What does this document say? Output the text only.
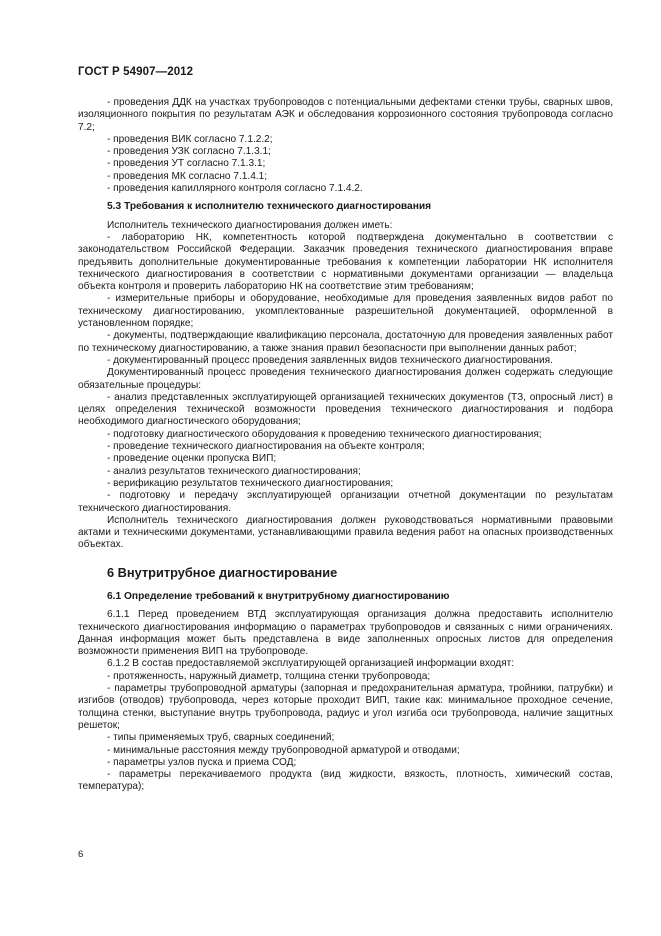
ГОСТ Р 54907—2012

- проведения ДДК на участках трубопроводов с потенциальными дефектами стенки трубы, сварных швов, изоляционного покрытия по результатам АЭК и обследования коррозионного состояния трубопровода согласно 7.2;

- проведения ВИК согласно 7.1.2.2;

- проведения УЗК согласно 7.1.3.1;

- проведения УТ согласно 7.1.3.1;

- проведения МК согласно 7.1.4.1;

- проведения капиллярного контроля согласно 7.1.4.2.

5.3 Требования к исполнителю технического диагностирования

Исполнитель технического диагностирования должен иметь:

- лабораторию НК, компетентность которой подтверждена документально в соответствии с законодательством Российской Федерации. Заказчик проведения технического диагностирования вправе предъявить дополнительные документированные требования к компетенции лаборатории НК исполнителя технического диагностирования в соответствии с нормативными документами организации — владельца объекта контроля и проверить лабораторию НК на соответствие этим требованиям;

- измерительные приборы и оборудование, необходимые для проведения заявленных видов работ по техническому диагностированию, укомплектованные разрешительной документацией, оформленной в установленном порядке;

- документы, подтверждающие квалификацию персонала, достаточную для проведения заявленных работ по техническому диагностированию, а также знания правил безопасности при выполнении данных работ;

- документированный процесс проведения заявленных видов технического диагностирования.

Документированный процесс проведения технического диагностирования должен содержать следующие обязательные процедуры:

- анализ представленных эксплуатирующей организацией технических документов (ТЗ, опросный лист) в целях определения технической возможности проведения технического диагностирования и подбора необходимого диагностического оборудования;

- подготовку диагностического оборудования к проведению технического диагностирования;

- проведение технического диагностирования на объекте контроля;

- проведение оценки пропуска ВИП;

- анализ результатов технического диагностирования;

- верификацию результатов технического диагностирования;

- подготовку и передачу эксплуатирующей организации отчетной документации по результатам технического диагностирования.

Исполнитель технического диагностирования должен руководствоваться нормативными правовыми актами и техническими документами, устанавливающими правила ведения работ на опасных производственных объектах.

6 Внутритрубное диагностирование
6.1 Определение требований к внутритрубному диагностированию

6.1.1 Перед проведением ВТД эксплуатирующая организация должна предоставить исполнителю технического диагностирования информацию о параметрах трубопроводов и связанных с ними ограничениях. Данная информация может быть представлена в виде заполненных опросных листов для определения возможности применения ВИП на трубопроводе.

6.1.2 В состав предоставляемой эксплуатирующей организацией информации входят:

- протяженность, наружный диаметр, толщина стенки трубопровода;

- параметры трубопроводной арматуры (запорная и предохранительная арматура, тройники, патрубки) и изгибов (отводов) трубопровода, через которые проходит ВИП, такие как: минимальное проходное сечение, толщина стенки, выступание внутрь трубопровода, радиус и угол изгиба оси трубопровода, наличие защитных решеток;

- типы применяемых труб, сварных соединений;

- минимальные расстояния между трубопроводной арматурой и отводами;

- параметры узлов пуска и приема СОД;

- параметры перекачиваемого продукта (вид жидкости, вязкость, плотность, химический состав, температура);

6
